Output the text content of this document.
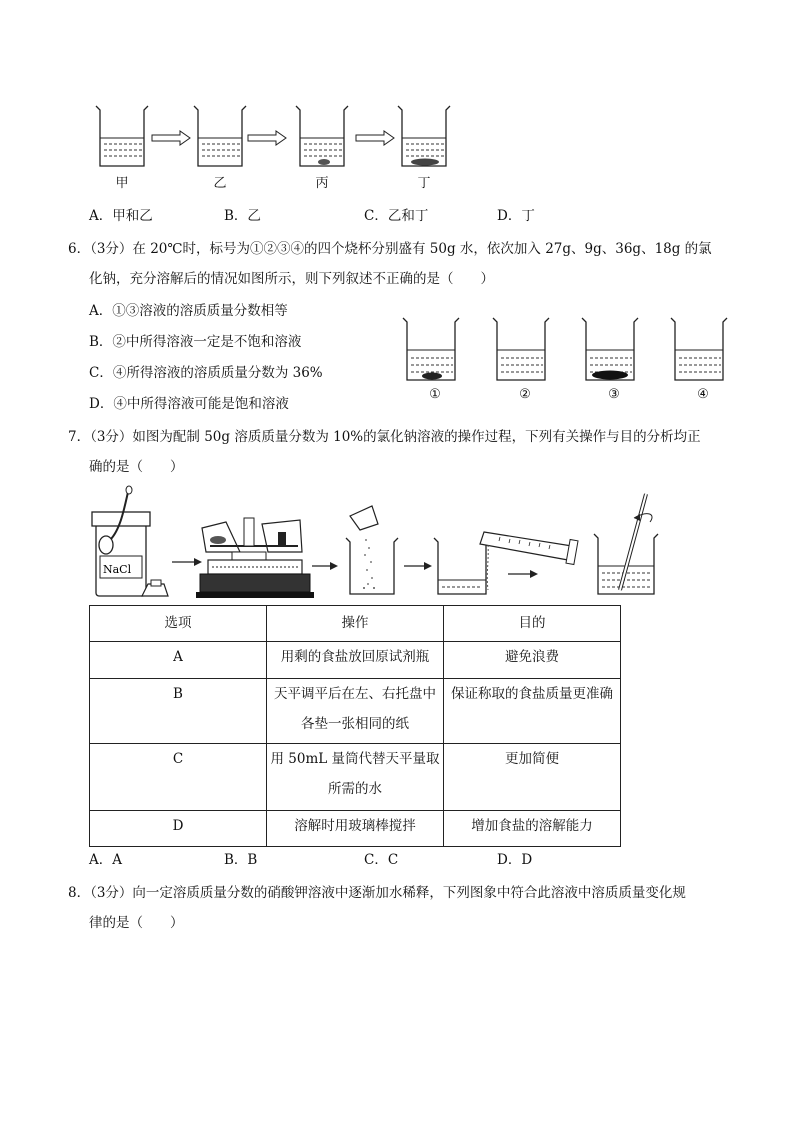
甲	乙	丙	丁
A．甲和乙	B．乙	C．乙和丁	D．丁
6．（3分）在 20℃时，标号为①②③④的四个烧杯分别盛有 50g 水，依次加入 27g、9g、36g、18g 的氯
化钠，充分溶解后的情况如图所示，则下列叙述不正确的是（　　）
A．①③溶液的溶质质量分数相等
B．②中所得溶液一定是不饱和溶液
C．④所得溶液的溶质质量分数为 36%
D．④中所得溶液可能是饱和溶液
①	②	③	④
7．（3分）如图为配制 50g 溶质质量分数为 10%的氯化钠溶液的操作过程，下列有关操作与目的分析均正
确的是（　　）
NaCl
选项	操作	目的
A	用剩的食盐放回原试剂瓶	避免浪费
B	天平调平后在左、右托盘中
各垫一张相同的纸	保证称取的食盐质量更准确
C	用 50mL 量筒代替天平量取
所需的水	更加简便
D	溶解时用玻璃棒搅拌	增加食盐的溶解能力
A．A	B．B	C．C	D．D
8．（3分）向一定溶质质量分数的硝酸钾溶液中逐渐加水稀释，下列图象中符合此溶液中溶质质量变化规
律的是（　　）
